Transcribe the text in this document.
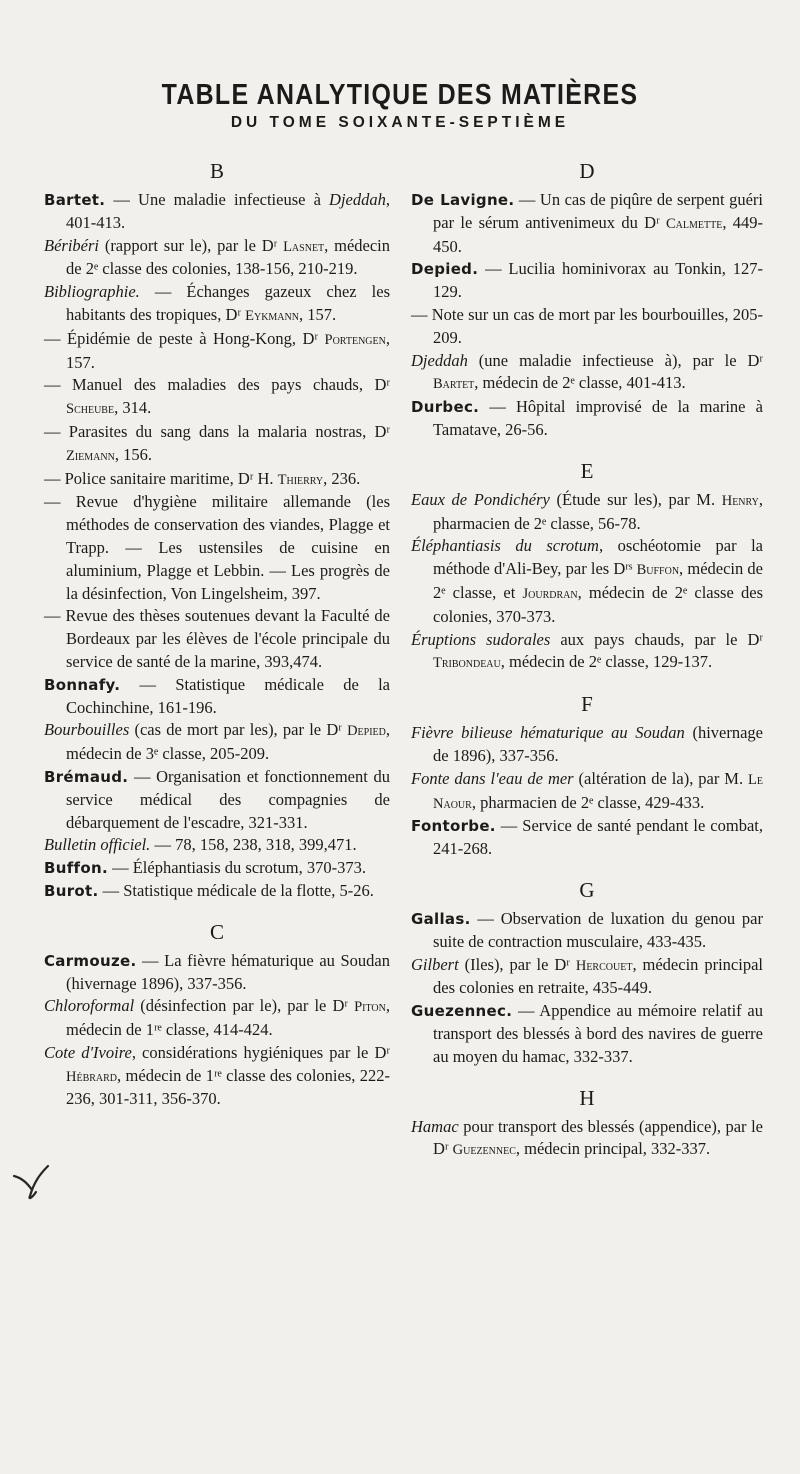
TABLE ANALYTIQUE DES MATIÈRES
DU TOME SOIXANTE-SEPTIÈME
B
Bartet. — Une maladie infectieuse à Djeddah, 401-413.
Béribéri (rapport sur le), par le Dʳ Lasnet, médecin de 2ᵉ classe des colonies, 138-156, 210-219.
Bibliographie. — Échanges gazeux chez les habitants des tropiques, Dʳ Eykmann, 157.
— Épidémie de peste à Hong-Kong, Dʳ Portengen, 157.
— Manuel des maladies des pays chauds, Dʳ Scheube, 314.
— Parasites du sang dans la malaria nostras, Dʳ Ziemann, 156.
— Police sanitaire maritime, Dʳ H. Thierry, 236.
— Revue d'hygiène militaire allemande (les méthodes de conservation des viandes, Plagge et Trapp. — Les ustensiles de cuisine en aluminium, Plagge et Lebbin. — Les progrès de la désinfection, Von Lingelsheim, 397.
— Revue des thèses soutenues devant la Faculté de Bordeaux par les élèves de l'école principale du service de santé de la marine, 393,474.
Bonnafy. — Statistique médicale de la Cochinchine, 161-196.
Bourbouilles (cas de mort par les), par le Dʳ Depied, médecin de 3ᵉ classe, 205-209.
Brémaud. — Organisation et fonctionnement du service médical des compagnies de débarquement de l'escadre, 321-331.
Bulletin officiel. — 78, 158, 238, 318, 399,471.
Buffon. — Éléphantiasis du scrotum, 370-373.
Burot. — Statistique médicale de la flotte, 5-26.
C
Carmouze. — La fièvre hématurique au Soudan (hivernage 1896), 337-356.
Chloroformal (désinfection par le), par le Dʳ Piton, médecin de 1ʳᵉ classe, 414-424.
Cote d'Ivoire, considérations hygiéniques par le Dʳ Hébrard, médecin de 1ʳᵉ classe des colonies, 222-236, 301-311, 356-370.
D
De Lavigne. — Un cas de piqûre de serpent guéri par le sérum antivenimeux du Dʳ Calmette, 449-450.
Depied. — Lucilia hominivorax au Tonkin, 127-129.
— Note sur un cas de mort par les bourbouilles, 205-209.
Djeddah (une maladie infectieuse à), par le Dʳ Bartet, médecin de 2ᵉ classe, 401-413.
Durbec. — Hôpital improvisé de la marine à Tamatave, 26-56.
E
Eaux de Pondichéry (Étude sur les), par M. Henry, pharmacien de 2ᵉ classe, 56-78.
Éléphantiasis du scrotum, oschéotomie par la méthode d'Ali-Bey, par les Dʳˢ Buffon, médecin de 2ᵉ classe, et Jourdran, médecin de 2ᵉ classe des colonies, 370-373.
Éruptions sudorales aux pays chauds, par le Dʳ Tribondeau, médecin de 2ᵉ classe, 129-137.
F
Fièvre bilieuse hématurique au Soudan (hivernage de 1896), 337-356.
Fonte dans l'eau de mer (altération de la), par M. Le Naour, pharmacien de 2ᵉ classe, 429-433.
Fontorbe. — Service de santé pendant le combat, 241-268.
G
Gallas. — Observation de luxation du genou par suite de contraction musculaire, 433-435.
Gilbert (Iles), par le Dʳ Hercouet, médecin principal des colonies en retraite, 435-449.
Guezennec. — Appendice au mémoire relatif au transport des blessés à bord des navires de guerre au moyen du hamac, 332-337.
H
Hamac pour transport des blessés (appendice), par le Dʳ Guezennec, médecin principal, 332-337.
